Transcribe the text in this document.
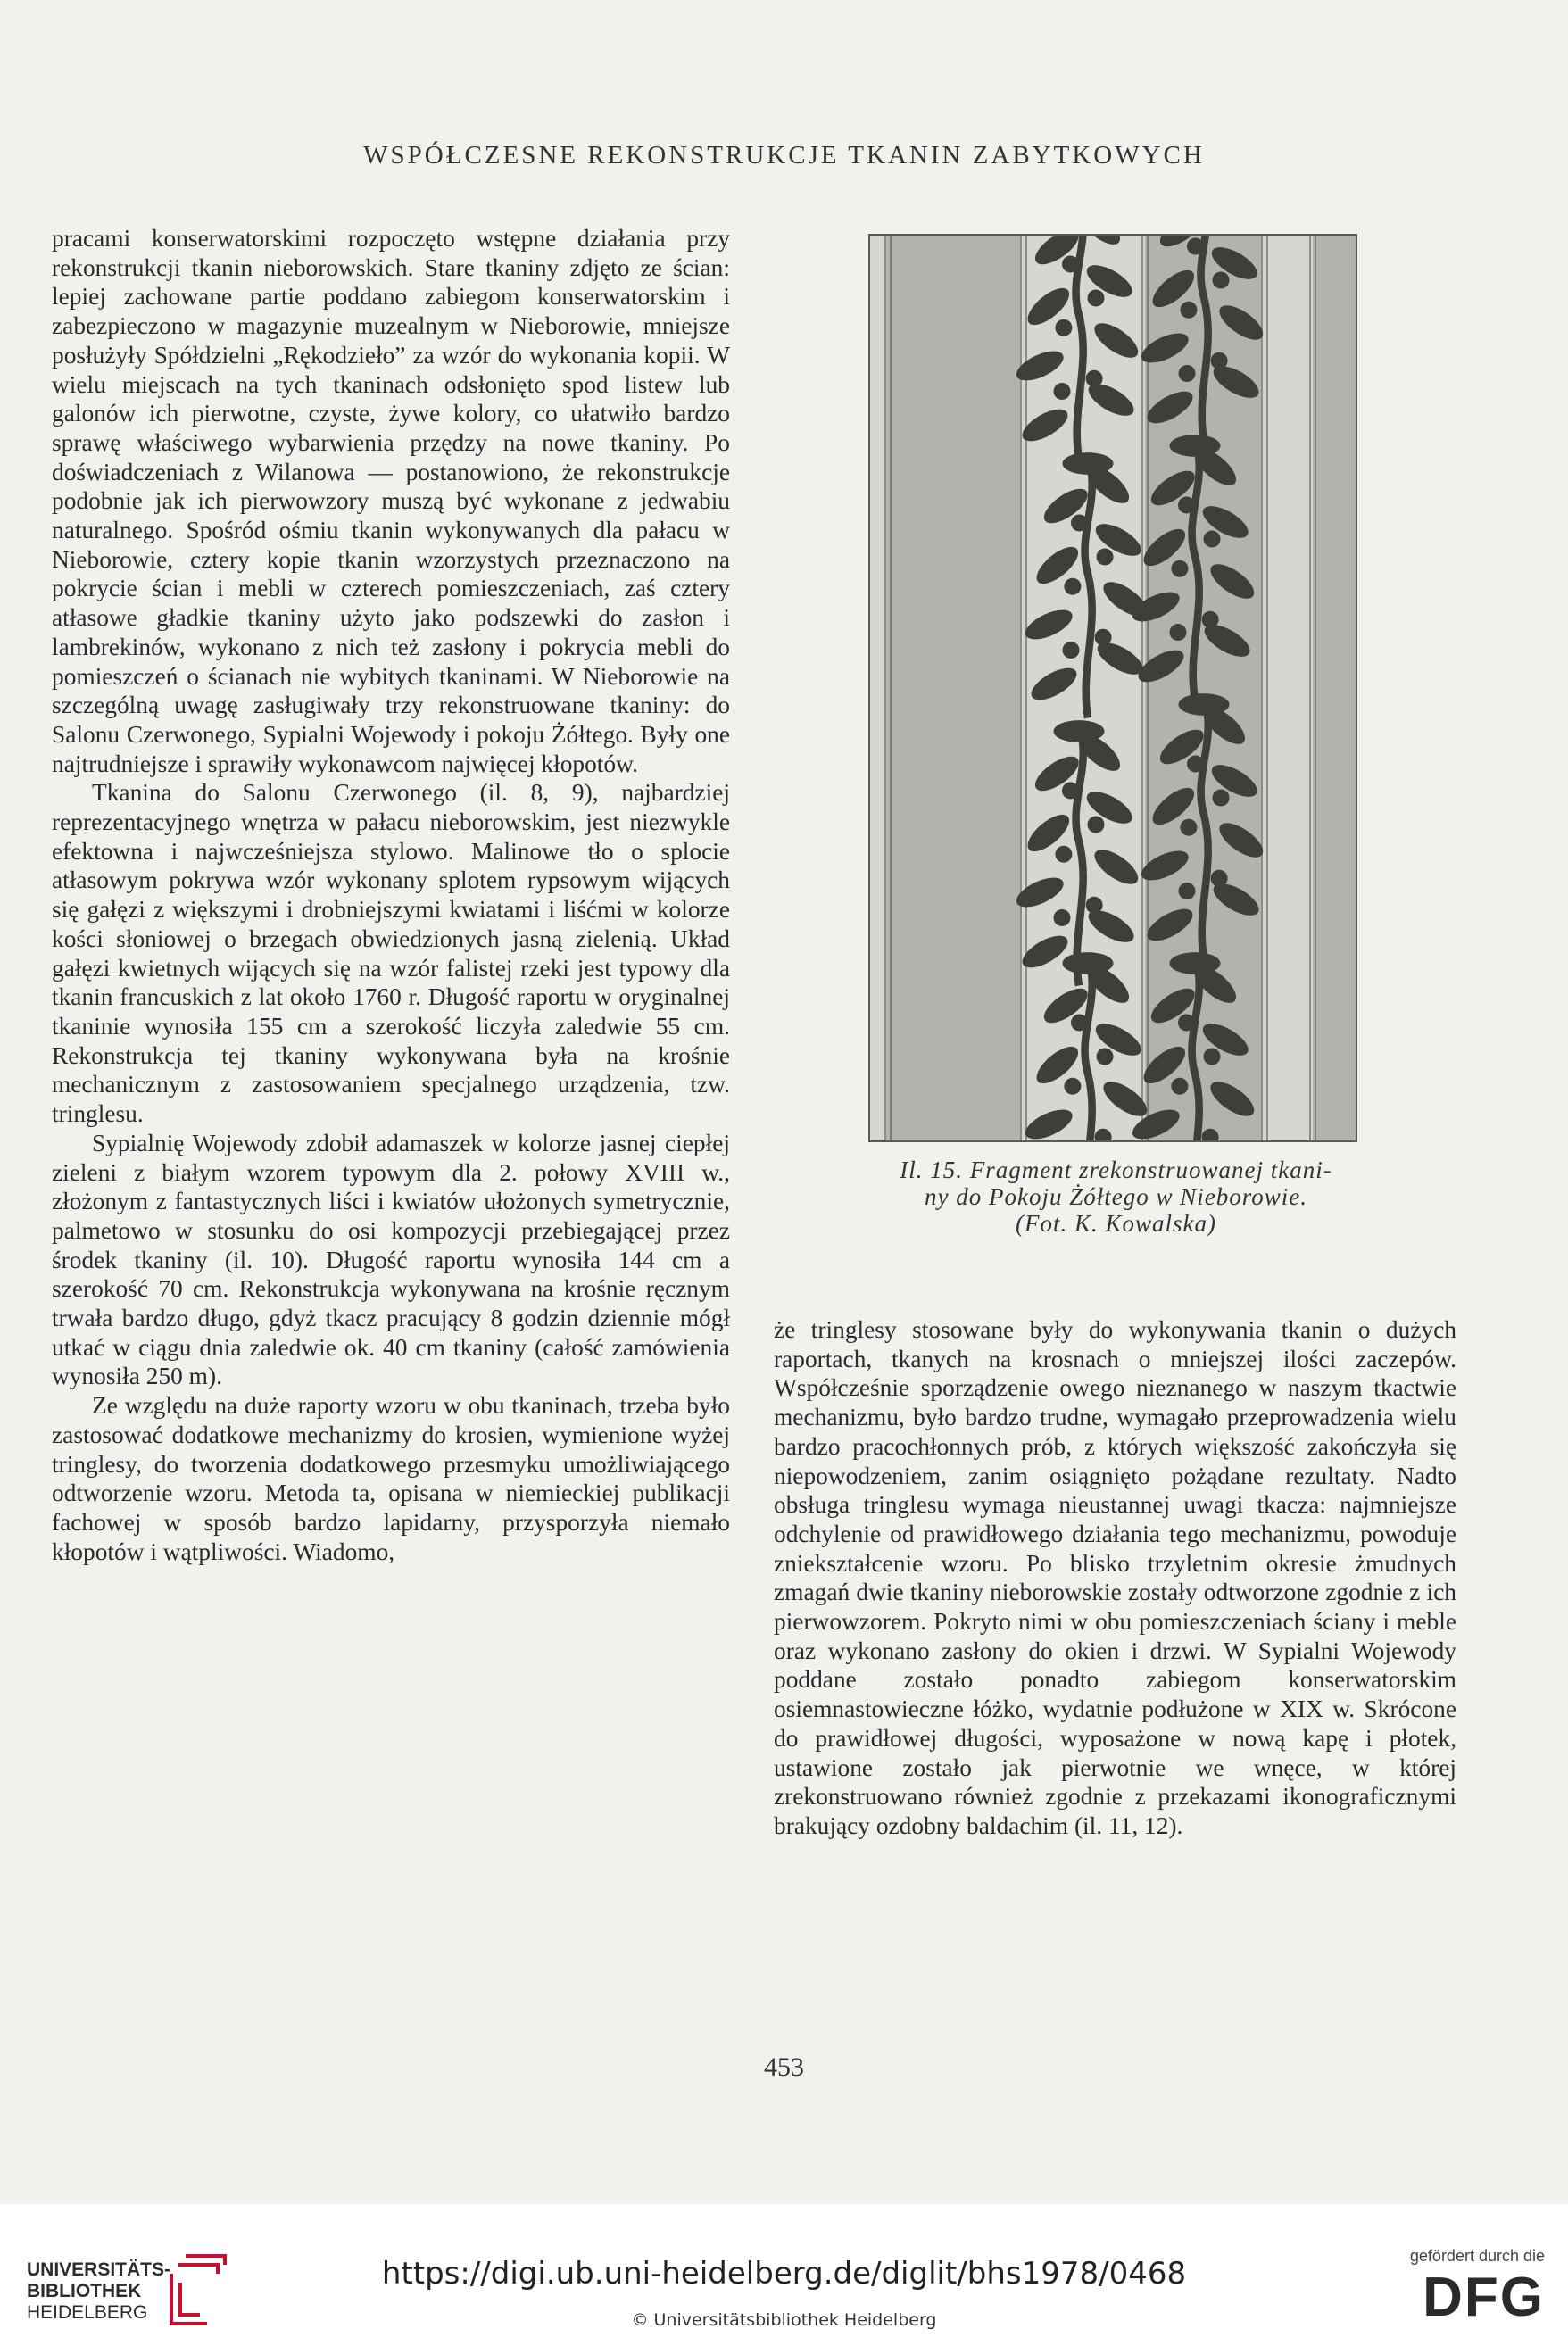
WSPÓŁCZESNE REKONSTRUKCJE TKANIN ZABYTKOWYCH

pracami konserwatorskimi rozpoczęto wstępne działania przy rekonstrukcji tkanin nieborowskich. Stare tkaniny zdjęto ze ścian: lepiej zachowane partie poddano zabiegom konserwatorskim i zabezpieczono w magazynie muzealnym w Nieborowie, mniejsze posłużyły Spółdzielni „Rękodzieło” za wzór do wykonania kopii. W wielu miejscach na tych tkaninach odsłonięto spod listew lub galonów ich pierwotne, czyste, żywe kolory, co ułatwiło bardzo sprawę właściwego wybarwienia przędzy na nowe tkaniny. Po doświadczeniach z Wilanowa — postanowiono, że rekonstrukcje podobnie jak ich pierwowzory muszą być wykonane z jedwabiu naturalnego. Spośród ośmiu tkanin wykonywanych dla pałacu w Nieborowie, cztery kopie tkanin wzorzystych przeznaczono na pokrycie ścian i mebli w czterech pomieszczeniach, zaś cztery atłasowe gładkie tkaniny użyto jako podszewki do zasłon i lambrekinów, wykonano z nich też zasłony i pokrycia mebli do pomieszczeń o ścianach nie wybitych tkaninami. W Nieborowie na szczególną uwagę zasługiwały trzy rekonstruowane tkaniny: do Salonu Czerwonego, Sypialni Wojewody i pokoju Żółtego. Były one najtrudniejsze i sprawiły wykonawcom najwięcej kłopotów.

Tkanina do Salonu Czerwonego (il. 8, 9), najbardziej reprezentacyjnego wnętrza w pałacu nieborowskim, jest niezwykle efektowna i najwcześniejsza stylowo. Malinowe tło o splocie atłasowym pokrywa wzór wykonany splotem rypsowym wijących się gałęzi z większymi i drobniejszymi kwiatami i liśćmi w kolorze kości słoniowej o brzegach obwiedzionych jasną zielenią. Układ gałęzi kwietnych wijących się na wzór falistej rzeki jest typowy dla tkanin francuskich z lat około 1760 r. Długość raportu w oryginalnej tkaninie wynosiła 155 cm a szerokość liczyła zaledwie 55 cm. Rekonstrukcja tej tkaniny wykonywana była na krośnie mechanicznym z zastosowaniem specjalnego urządzenia, tzw. tringlesu.

Sypialnię Wojewody zdobił adamaszek w kolorze jasnej ciepłej zieleni z białym wzorem typowym dla 2. połowy XVIII w., złożonym z fantastycznych liści i kwiatów ułożonych symetrycznie, palmetowo w stosunku do osi kompozycji przebiegającej przez środek tkaniny (il. 10). Długość raportu wynosiła 144 cm a szerokość 70 cm. Rekonstrukcja wykonywana na krośnie ręcznym trwała bardzo długo, gdyż tkacz pracujący 8 godzin dziennie mógł utkać w ciągu dnia zaledwie ok. 40 cm tkaniny (całość zamówienia wynosiła 250 m).

Ze względu na duże raporty wzoru w obu tkaninach, trzeba było zastosować dodatkowe mechanizmy do krosien, wymienione wyżej tringlesy, do tworzenia dodatkowego przesmyku umożliwiającego odtworzenie wzoru. Metoda ta, opisana w niemieckiej publikacji fachowej w sposób bardzo lapidarny, przysporzyła niemało kłopotów i wątpliwości. Wiadomo,

Il. 15. Fragment zrekonstruowanej tkani-
ny do Pokoju Żółtego w Nieborowie.
(Fot. K. Kowalska)

że tringlesy stosowane były do wykonywania tkanin o dużych raportach, tkanych na krosnach o mniejszej ilości zaczepów. Współcześnie sporządzenie owego nieznanego w naszym tkactwie mechanizmu, było bardzo trudne, wymagało przeprowadzenia wielu bardzo pracochłonnych prób, z których większość zakończyła się niepowodzeniem, zanim osiągnięto pożądane rezultaty. Nadto obsługa tringlesu wymaga nieustannej uwagi tkacza: najmniejsze odchylenie od prawidłowego działania tego mechanizmu, powoduje zniekształcenie wzoru. Po blisko trzyletnim okresie żmudnych zmagań dwie tkaniny nieborowskie zostały odtworzone zgodnie z ich pierwowzorem. Pokryto nimi w obu pomieszczeniach ściany i meble oraz wykonano zasłony do okien i drzwi. W Sypialni Wojewody poddane zostało ponadto zabiegom konserwatorskim osiemnastowieczne łóżko, wydatnie podłużone w XIX w. Skrócone do prawidłowej długości, wyposażone w nową kapę i płotek, ustawione zostało jak pierwotnie we wnęce, w której zrekonstruowano również zgodnie z przekazami ikonograficznymi brakujący ozdobny baldachim (il. 11, 12).

453
UNIVERSITÄTS-
BIBLIOTHEK
HEIDELBERG
https://digi.ub.uni-heidelberg.de/diglit/bhs1978/0468
© Universitätsbibliothek Heidelberg
gefördert durch die
DFG
